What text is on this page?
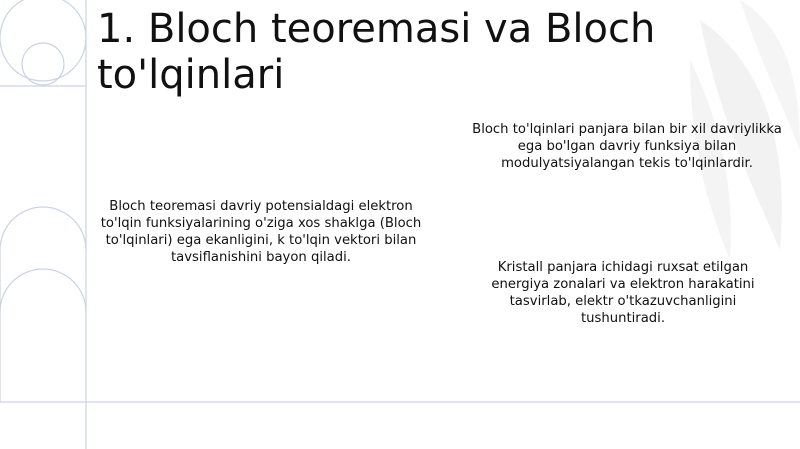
1. Bloch teoremasi va Bloch to'lqinlari

Bloch teoremasi davriy potensialdagi elektron to'lqin funksiyalarining o'ziga xos shaklga (Bloch to'lqinlari) ega ekanligini, k to'lqin vektori bilan tavsiflanishini bayon qiladi.

Bloch to'lqinlari panjara bilan bir xil davriylikka ega bo'lgan davriy funksiya bilan modulyatsiyalangan tekis to'lqinlardir.

Kristall panjara ichidagi ruxsat etilgan energiya zonalari va elektron harakatini tasvirlab, elektr o'tkazuvchanligini tushuntiradi.
